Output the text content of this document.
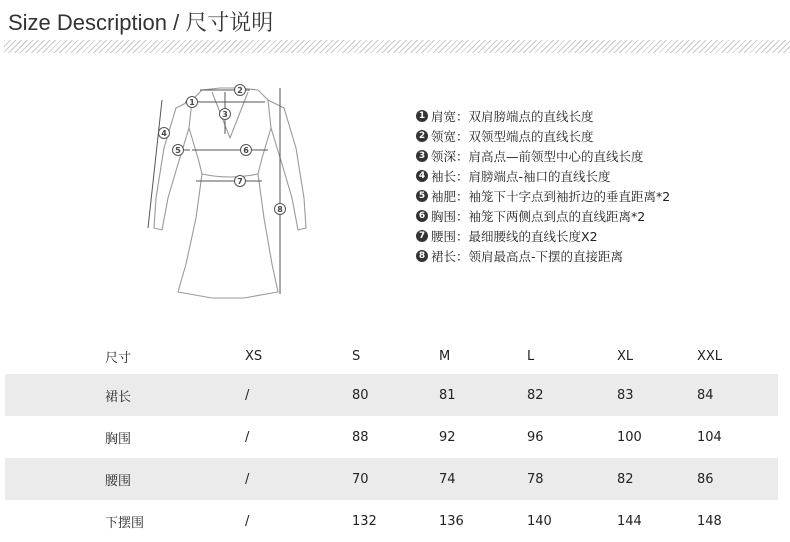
Size Description / 尺寸说明
1
2
3
4
5	6
7
8
1 肩宽：双肩膀端点的直线长度
2 领宽：双领型端点的直线长度
3 领深：肩高点—前领型中心的直线长度
4 袖长：肩膀端点-袖口的直线长度
5 袖肥：袖笼下十字点到袖折边的垂直距离*2
6 胸围：袖笼下两侧点到点的直线距离*2
7 腰围：最细腰线的直线长度X2
8 裙长：领肩最高点-下摆的直接距离
尺寸	XS	S	M	L	XL	XXL
裙长	/	80	81	82	83	84
胸围	/	88	92	96	100	104
腰围	/	70	74	78	82	86
下摆围	/	132	136	140	144	148
